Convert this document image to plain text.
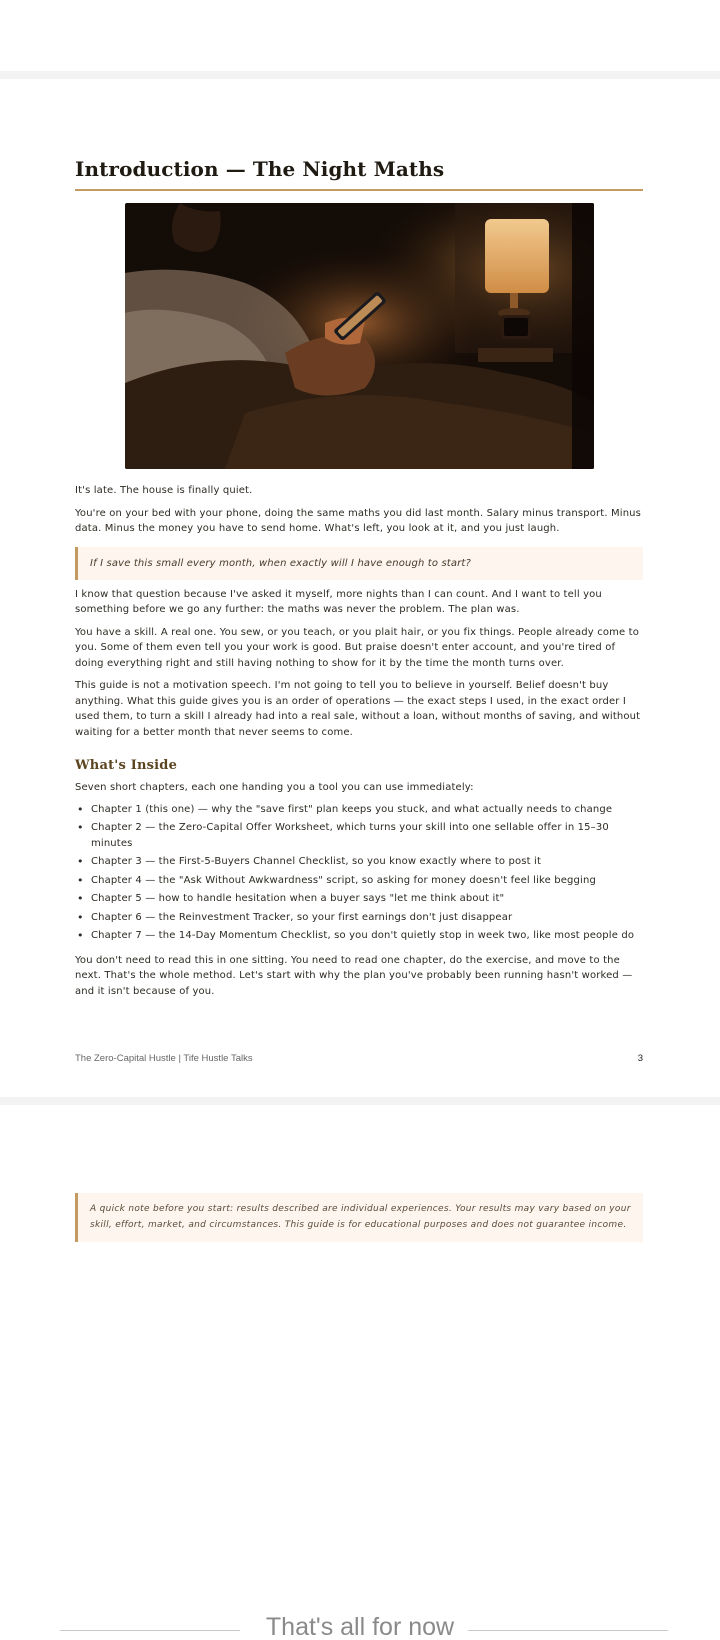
Introduction — The Night Maths

It's late. The house is finally quiet.

You're on your bed with your phone, doing the same maths you did last month. Salary minus transport. Minus data. Minus the money you have to send home. What's left, you look at it, and you just laugh.

If I save this small every month, when exactly will I have enough to start?

I know that question because I've asked it myself, more nights than I can count. And I want to tell you something before we go any further: the maths was never the problem. The plan was.

You have a skill. A real one. You sew, or you teach, or you plait hair, or you fix things. People already come to you. Some of them even tell you your work is good. But praise doesn't enter account, and you're tired of doing everything right and still having nothing to show for it by the time the month turns over.

This guide is not a motivation speech. I'm not going to tell you to believe in yourself. Belief doesn't buy anything. What this guide gives you is an order of operations — the exact steps I used, in the exact order I used them, to turn a skill I already had into a real sale, without a loan, without months of saving, and without waiting for a better month that never seems to come.

What's Inside

Seven short chapters, each one handing you a tool you can use immediately:

• Chapter 1 (this one) — why the "save first" plan keeps you stuck, and what actually needs to change
• Chapter 2 — the Zero-Capital Offer Worksheet, which turns your skill into one sellable offer in 15–30 minutes
• Chapter 3 — the First-5-Buyers Channel Checklist, so you know exactly where to post it
• Chapter 4 — the "Ask Without Awkwardness" script, so asking for money doesn't feel like begging
• Chapter 5 — how to handle hesitation when a buyer says "let me think about it"
• Chapter 6 — the Reinvestment Tracker, so your first earnings don't just disappear
• Chapter 7 — the 14-Day Momentum Checklist, so you don't quietly stop in week two, like most people do

You don't need to read this in one sitting. You need to read one chapter, do the exercise, and move to the next. That's the whole method. Let's start with why the plan you've probably been running hasn't worked — and it isn't because of you.

The Zero-Capital Hustle | Tife Hustle Talks	3
A quick note before you start: results described are individual experiences. Your results may vary based on your skill, effort, market, and circumstances. This guide is for educational purposes and does not guarantee income.
That's all for now
